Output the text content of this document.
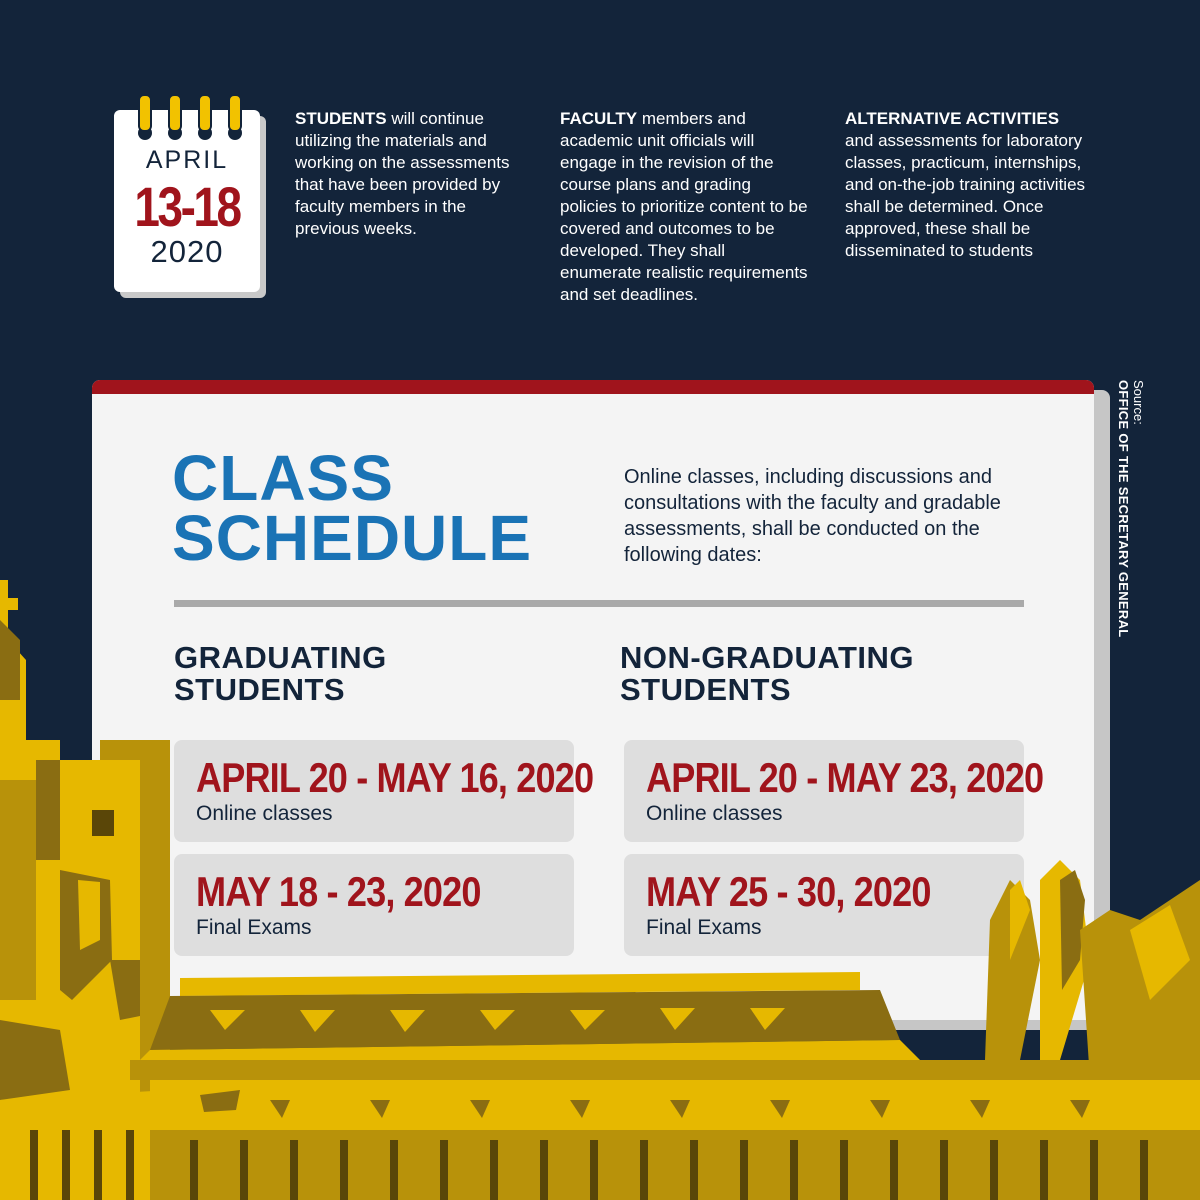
APRIL
13-18
2020
STUDENTS will continue utilizing the materials and working on the assessments that have been provided by faculty members in the previous weeks.
FACULTY members and academic unit officials will engage in the revision of the course plans and grading policies to prioritize content to be covered and outcomes to be developed. They shall enumerate realistic requirements and set deadlines.
ALTERNATIVE ACTIVITIES
and assessments for laboratory classes, practicum, internships, and on-the-job training activities shall be determined. Once approved, these shall be disseminated to students
CLASS
SCHEDULE
Online classes, including discussions and consultations with the faculty and gradable assessments, shall be conducted on the following dates:
GRADUATING
STUDENTS
NON-GRADUATING
STUDENTS
APRIL 20 - MAY 16, 2020
Online classes
MAY 18 - 23, 2020
Final Exams
APRIL 20 - MAY 23, 2020
Online classes
MAY 25 - 30, 2020
Final Exams
Source:
OFFICE OF THE SECRETARY GENERAL
